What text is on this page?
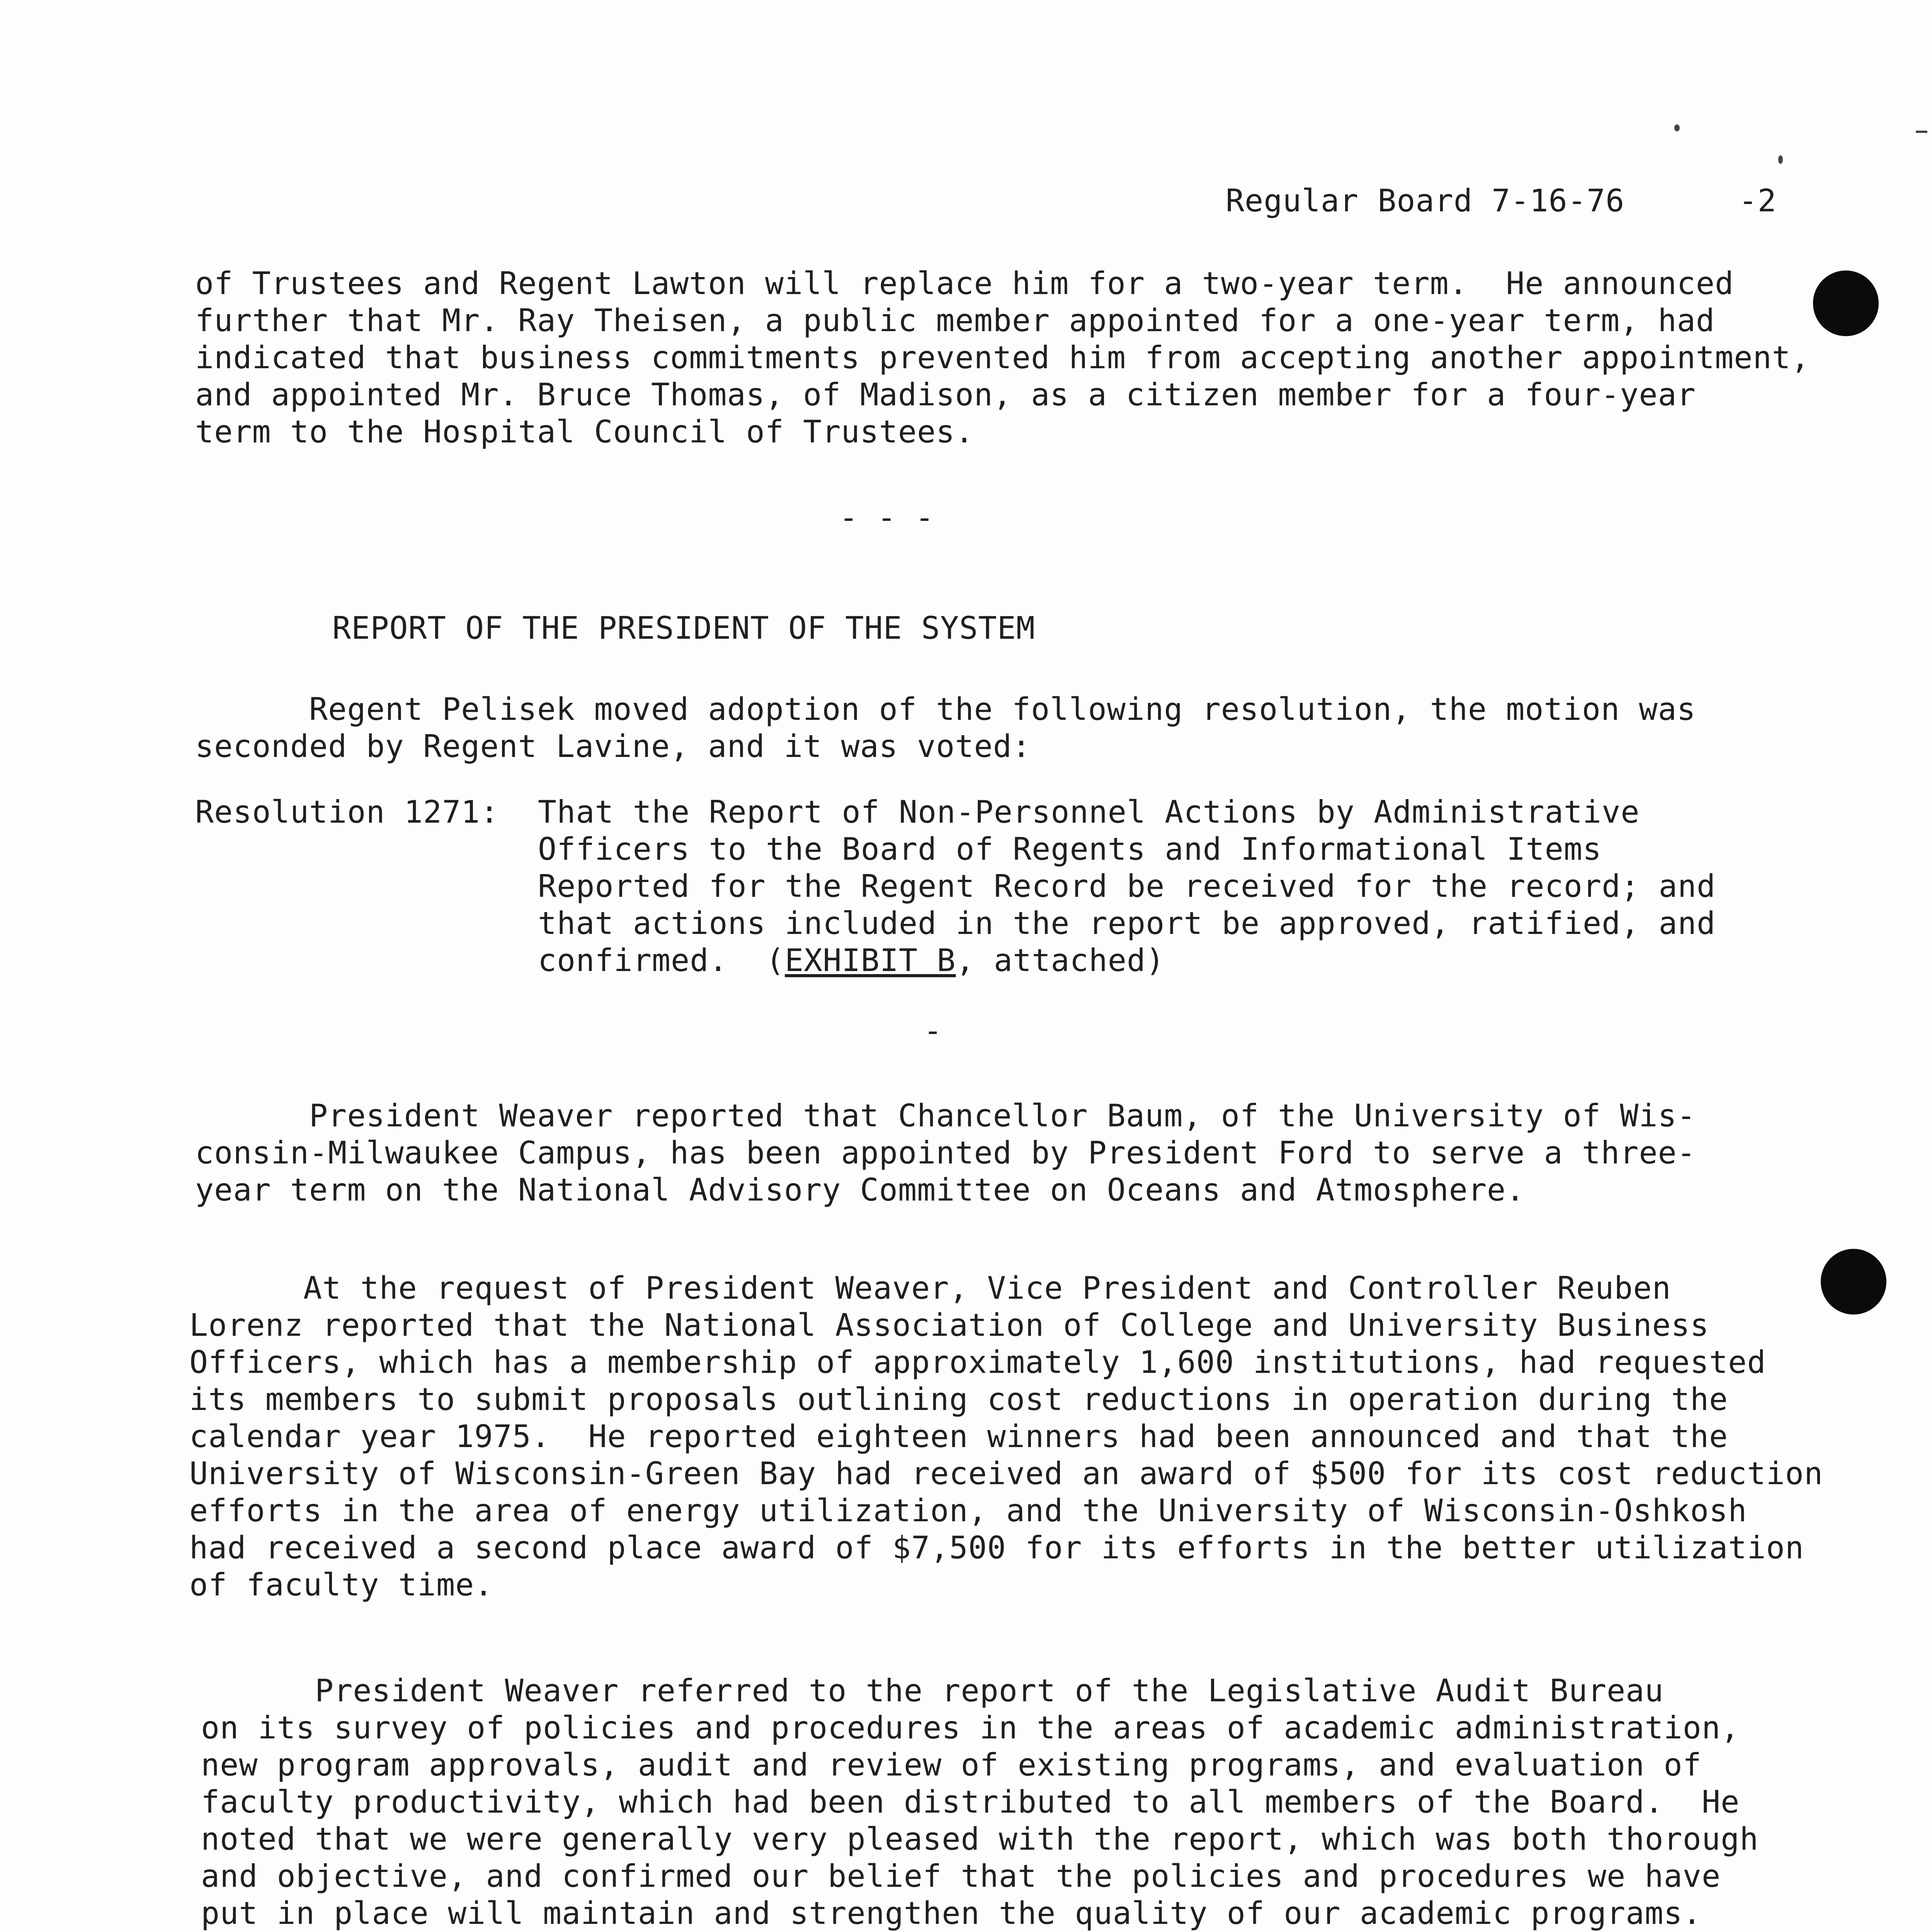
Regular Board 7-16-76	-2
of Trustees and Regent Lawton will replace him for a two-year term.  He announced
further that Mr. Ray Theisen, a public member appointed for a one-year term, had
indicated that business commitments prevented him from accepting another appointment,
and appointed Mr. Bruce Thomas, of Madison, as a citizen member for a four-year
term to the Hospital Council of Trustees.
- - -
REPORT OF THE PRESIDENT OF THE SYSTEM
Regent Pelisek moved adoption of the following resolution, the motion was
seconded by Regent Lavine, and it was voted:
Resolution 1271: That the Report of Non-Personnel Actions by Administrative
Officers to the Board of Regents and Informational Items
Reported for the Regent Record be received for the record; and
that actions included in the report be approved, ratified, and
confirmed.  (EXHIBIT B, attached)
-
President Weaver reported that Chancellor Baum, of the University of Wis-
consin-Milwaukee Campus, has been appointed by President Ford to serve a three-
year term on the National Advisory Committee on Oceans and Atmosphere.
At the request of President Weaver, Vice President and Controller Reuben
Lorenz reported that the National Association of College and University Business
Officers, which has a membership of approximately 1,600 institutions, had requested
its members to submit proposals outlining cost reductions in operation during the
calendar year 1975.  He reported eighteen winners had been announced and that the
University of Wisconsin-Green Bay had received an award of $500 for its cost reduction
efforts in the area of energy utilization, and the University of Wisconsin-Oshkosh
had received a second place award of $7,500 for its efforts in the better utilization
of faculty time.
President Weaver referred to the report of the Legislative Audit Bureau
on its survey of policies and procedures in the areas of academic administration,
new program approvals, audit and review of existing programs, and evaluation of
faculty productivity, which had been distributed to all members of the Board.  He
noted that we were generally very pleased with the report, which was both thorough
and objective, and confirmed our belief that the policies and procedures we have
put in place will maintain and strengthen the quality of our academic programs.
